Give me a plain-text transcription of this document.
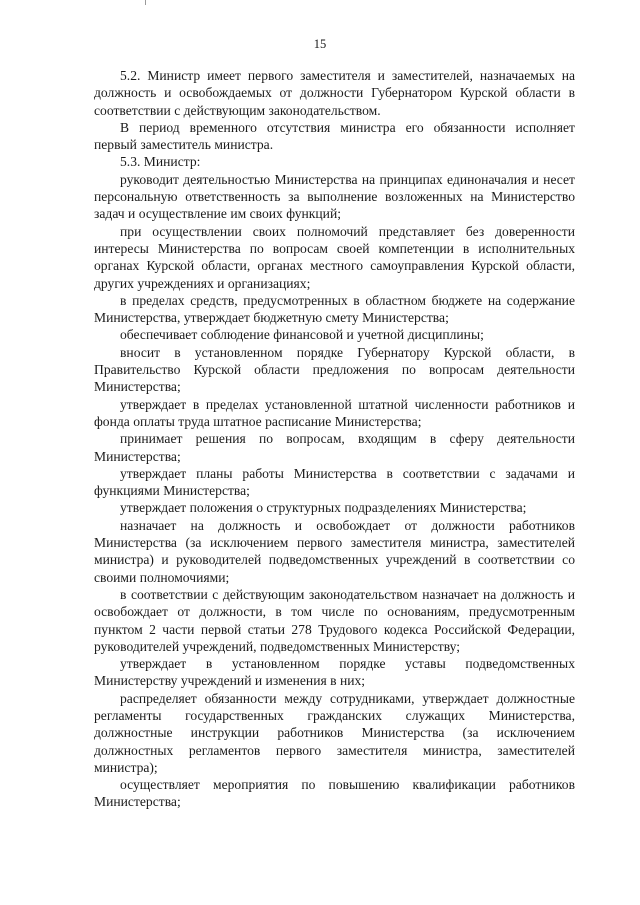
15

5.2. Министр имеет первого заместителя и заместителей, назначаемых на должность и освобождаемых от должности Губернатором Курской области в соответствии с действующим законодательством.

В период временного отсутствия министра его обязанности исполняет первый заместитель министра.

5.3. Министр:

руководит деятельностью Министерства на принципах единоначалия и несет персональную ответственность за выполнение возложенных на Министерство задач и осуществление им своих функций;

при осуществлении своих полномочий представляет без доверенности интересы Министерства по вопросам своей компетенции в исполнительных органах Курской области, органах местного самоуправления Курской области, других учреждениях и организациях;

в пределах средств, предусмотренных в областном бюджете на содержание Министерства, утверждает бюджетную смету Министерства;

обеспечивает соблюдение финансовой и учетной дисциплины;

вносит в установленном порядке Губернатору Курской области, в Правительство Курской области предложения по вопросам деятельности Министерства;

утверждает в пределах установленной штатной численности работников и фонда оплаты труда штатное расписание Министерства;

принимает решения по вопросам, входящим в сферу деятельности Министерства;

утверждает планы работы Министерства в соответствии с задачами и функциями Министерства;

утверждает положения о структурных подразделениях Министерства;

назначает на должность и освобождает от должности работников Министерства (за исключением первого заместителя министра, заместителей министра) и руководителей подведомственных учреждений в соответствии со своими полномочиями;

в соответствии с действующим законодательством назначает на должность и освобождает от должности, в том числе по основаниям, предусмотренным пунктом 2 части первой статьи 278 Трудового кодекса Российской Федерации, руководителей учреждений, подведомственных Министерству;

утверждает в установленном порядке уставы подведомственных Министерству учреждений и изменения в них;

распределяет обязанности между сотрудниками, утверждает должностные регламенты государственных гражданских служащих Министерства, должностные инструкции работников Министерства (за исключением должностных регламентов первого заместителя министра, заместителей министра);

осуществляет мероприятия по повышению квалификации работников Министерства;
